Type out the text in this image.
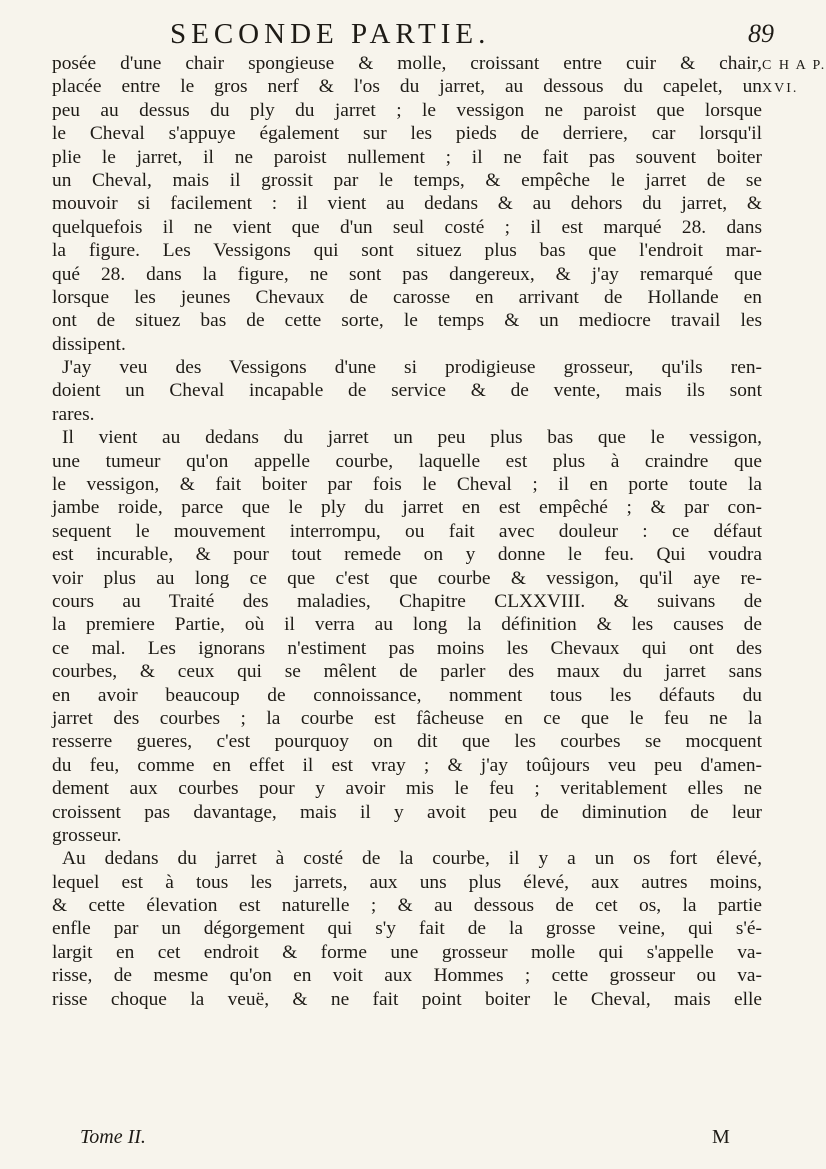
SECONDE PARTIE.	89
C H A P.
XVI.
posée d'une chair spongieuse & molle, croissant entre cuir & chair,
placée entre le gros nerf & l'os du jarret, au dessous du capelet, un
peu au dessus du ply du jarret ; le vessigon ne paroist que lorsque
le Cheval s'appuye également sur les pieds de derriere, car lorsqu'il
plie le jarret, il ne paroist nullement ; il ne fait pas souvent boiter
un Cheval, mais il grossit par le temps, & empêche le jarret de se
mouvoir si facilement : il vient au dedans & au dehors du jarret, &
quelquefois il ne vient que d'un seul costé ; il est marqué 28. dans
la figure. Les Vessigons qui sont situez plus bas que l'endroit mar-
qué 28. dans la figure, ne sont pas dangereux, & j'ay remarqué que
lorsque les jeunes Chevaux de carosse en arrivant de Hollande en
ont de situez bas de cette sorte, le temps & un mediocre travail les
dissipent.
J'ay veu des Vessigons d'une si prodigieuse grosseur, qu'ils ren-
doient un Cheval incapable de service & de vente, mais ils sont
rares.
Il vient au dedans du jarret un peu plus bas que le vessigon,
une tumeur qu'on appelle courbe, laquelle est plus à craindre que
le vessigon, & fait boiter par fois le Cheval ; il en porte toute la
jambe roide, parce que le ply du jarret en est empêché ; & par con-
sequent le mouvement interrompu, ou fait avec douleur : ce défaut
est incurable, & pour tout remede on y donne le feu. Qui voudra
voir plus au long ce que c'est que courbe & vessigon, qu'il aye re-
cours au Traité des maladies, Chapitre CLXXVIII. & suivans de
la premiere Partie, où il verra au long la définition & les causes de
ce mal. Les ignorans n'estiment pas moins les Chevaux qui ont des
courbes, & ceux qui se mêlent de parler des maux du jarret sans
en avoir beaucoup de connoissance, nomment tous les défauts du
jarret des courbes ; la courbe est fâcheuse en ce que le feu ne la
resserre gueres, c'est pourquoy on dit que les courbes se mocquent
du feu, comme en effet il est vray ; & j'ay toûjours veu peu d'amen-
dement aux courbes pour y avoir mis le feu ; veritablement elles ne
croissent pas davantage, mais il y avoit peu de diminution de leur
grosseur.
Au dedans du jarret à costé de la courbe, il y a un os fort élevé,
lequel est à tous les jarrets, aux uns plus élevé, aux autres moins,
& cette élevation est naturelle ; & au dessous de cet os, la partie
enfle par un dégorgement qui s'y fait de la grosse veine, qui s'é-
largit en cet endroit & forme une grosseur molle qui s'appelle va-
risse, de mesme qu'on en voit aux Hommes ; cette grosseur ou va-
risse choque la veuë, & ne fait point boiter le Cheval, mais elle
Tome II.	M
